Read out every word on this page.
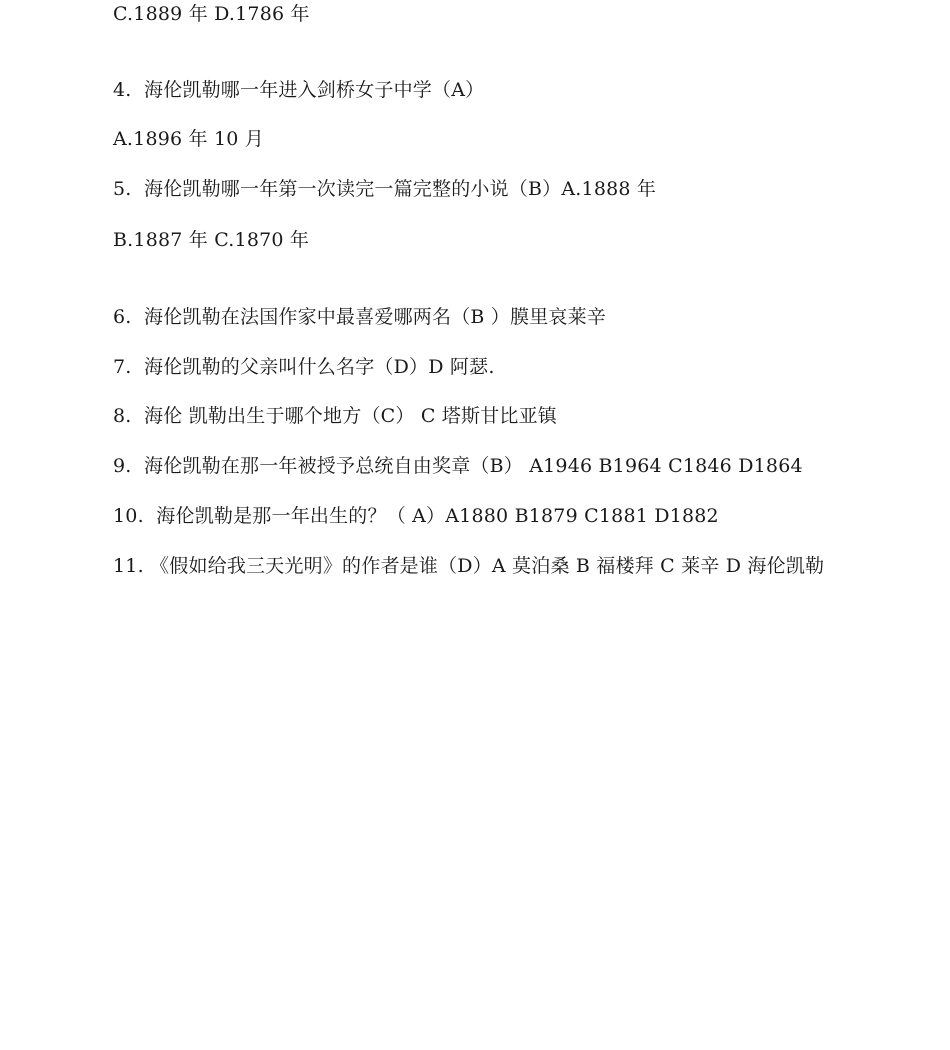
C.1889 年 D.1786 年
4.  海伦凯勒哪一年进入剑桥女子中学（A）
A.1896 年 10 月
5.  海伦凯勒哪一年第一次读完一篇完整的小说（B）A.1888 年
B.1887 年 C.1870 年
6.  海伦凯勒在法国作家中最喜爱哪两名（B ）膜里哀莱辛
7.  海伦凯勒的父亲叫什么名字（D）D 阿瑟.
8.  海伦 凯勒出生于哪个地方（C） C 塔斯甘比亚镇
9.  海伦凯勒在那一年被授予总统自由奖章（B） A1946 B1964 C1846 D1864
10.  海伦凯勒是那一年出生的？（ A）A1880 B1879 C1881 D1882
11. 《假如给我三天光明》的作者是谁（D）A 莫泊桑 B 福楼拜 C 莱辛 D 海伦凯勒
